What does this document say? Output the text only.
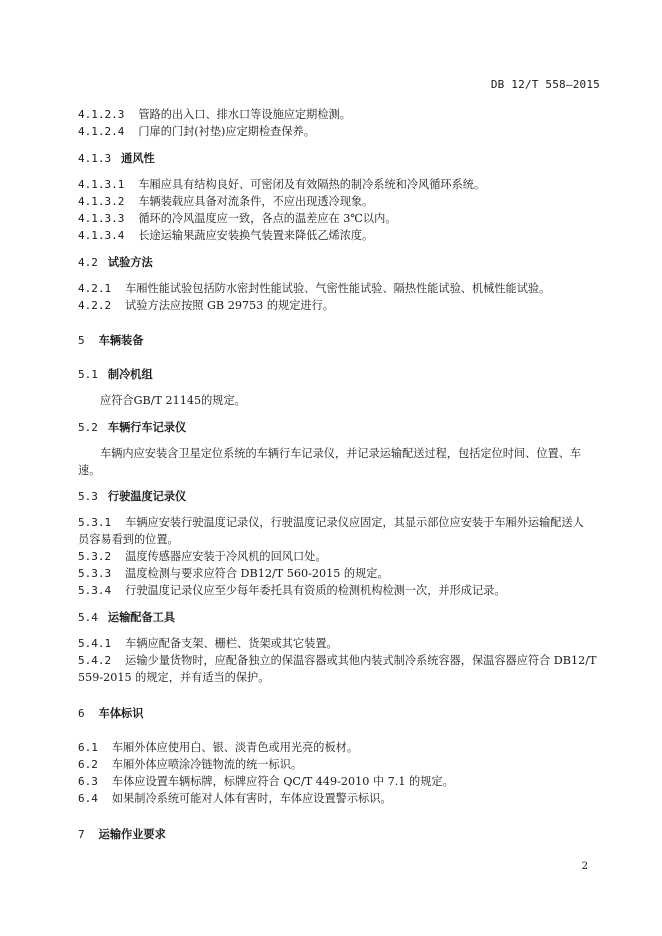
DB 12/T 558—2015
4.1.2.3 管路的出入口、排水口等设施应定期检测。
4.1.2.4 门扉的门封(衬垫)应定期检查保养。
4.1.3 通风性
4.1.3.1 车厢应具有结构良好、可密闭及有效隔热的制冷系统和冷风循环系统。
4.1.3.2 车辆装载应具备对流条件，不应出现透冷现象。
4.1.3.3 循环的冷风温度应一致，各点的温差应在 3℃以内。
4.1.3.4 长途运输果蔬应安装换气装置来降低乙烯浓度。
4.2 试验方法
4.2.1 车厢性能试验包括防水密封性能试验、气密性能试验、隔热性能试验、机械性能试验。
4.2.2 试验方法应按照 GB 29753 的规定进行。
5 车辆装备
5.1 制冷机组
应符合GB/T 21145的规定。
5.2 车辆行车记录仪
车辆内应安装含卫星定位系统的车辆行车记录仪，并记录运输配送过程，包括定位时间、位置、车
速。
5.3 行驶温度记录仪
5.3.1 车辆应安装行驶温度记录仪，行驶温度记录仪应固定，其显示部位应安装于车厢外运输配送人
员容易看到的位置。
5.3.2 温度传感器应安装于冷风机的回风口处。
5.3.3 温度检测与要求应符合 DB12/T 560-2015 的规定。
5.3.4 行驶温度记录仪应至少每年委托具有资质的检测机构检测一次，并形成记录。
5.4 运输配备工具
5.4.1 车辆应配备支架、栅栏、货架或其它装置。
5.4.2 运输少量货物时，应配备独立的保温容器或其他内装式制冷系统容器，保温容器应符合 DB12/T
559-2015 的规定，并有适当的保护。
6 车体标识
6.1 车厢外体应使用白、银、淡青色或用光亮的板材。
6.2 车厢外体应喷涂冷链物流的统一标识。
6.3 车体应设置车辆标牌，标牌应符合 QC/T 449-2010 中 7.1 的规定。
6.4 如果制冷系统可能对人体有害时，车体应设置警示标识。
7 运输作业要求
2
